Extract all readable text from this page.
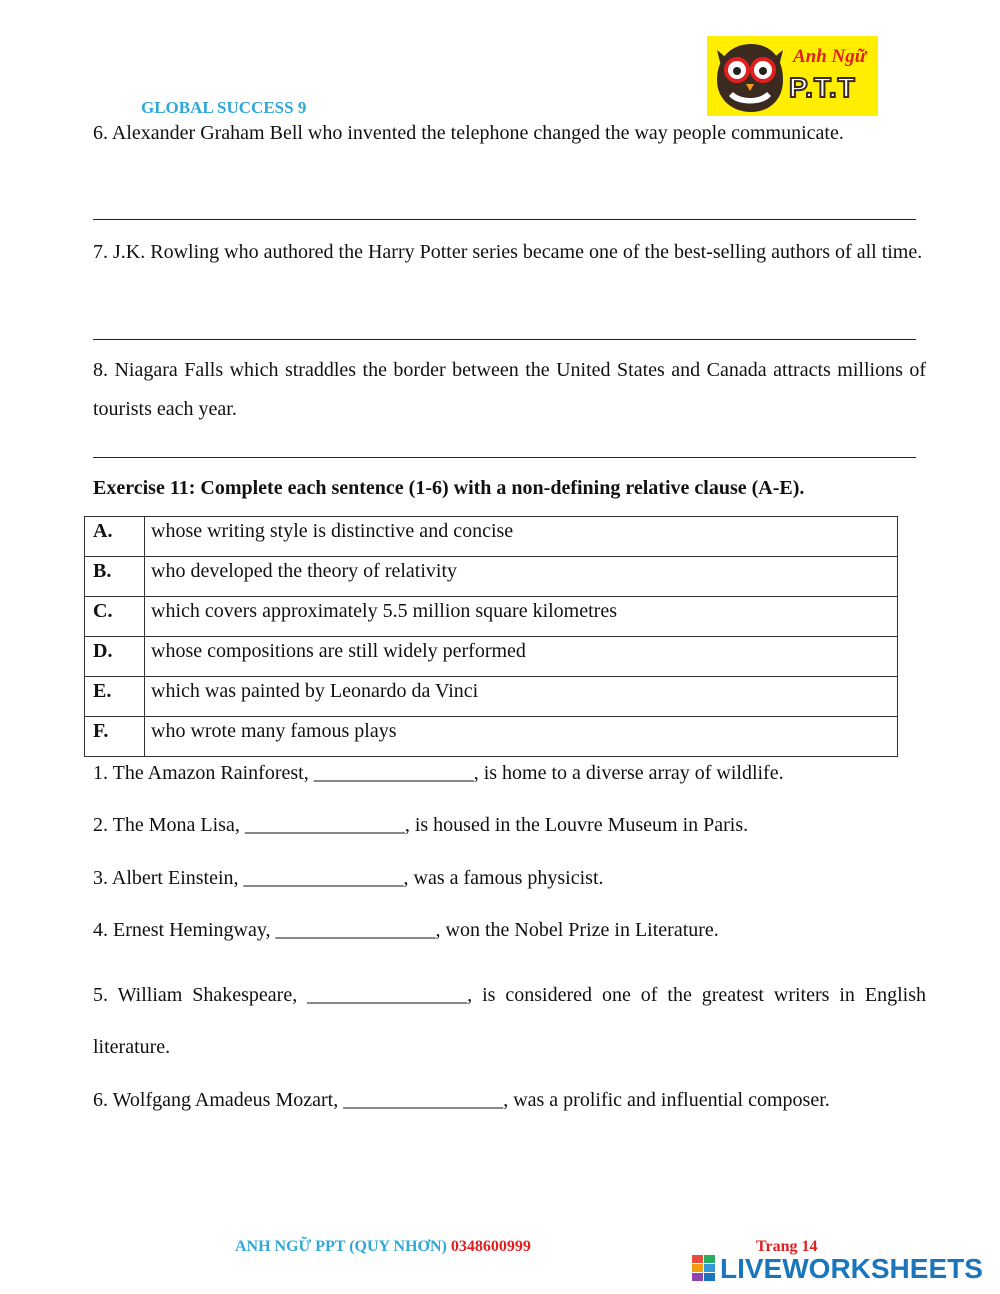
GLOBAL SUCCESS 9
Anh Ngữ
P.T.T
6. Alexander Graham Bell who invented the telephone changed the way people communicate.
7. J.K. Rowling who authored the Harry Potter series became one of the best-selling authors of all time.
8. Niagara Falls which straddles the border between the United States and Canada attracts millions of tourists each year.
Exercise 11: Complete each sentence (1-6) with a non-defining relative clause (A-E).
A.	whose writing style is distinctive and concise
B.	who developed the theory of relativity
C.	which covers approximately 5.5 million square kilometres
D.	whose compositions are still widely performed
E.	which was painted by Leonardo da Vinci
F.	who wrote many famous plays
1. The Amazon Rainforest, ________________, is home to a diverse array of wildlife.
2. The Mona Lisa, ________________, is housed in the Louvre Museum in Paris.
3. Albert Einstein, ________________, was a famous physicist.
4. Ernest Hemingway, ________________, won the Nobel Prize in Literature.
5. William Shakespeare, ________________, is considered one of the greatest writers in English literature.
6. Wolfgang Amadeus Mozart, ________________, was a prolific and influential composer.
ANH NGỮ PPT (QUY NHƠN) 0348600999	Trang 14
LIVEWORKSHEETS
